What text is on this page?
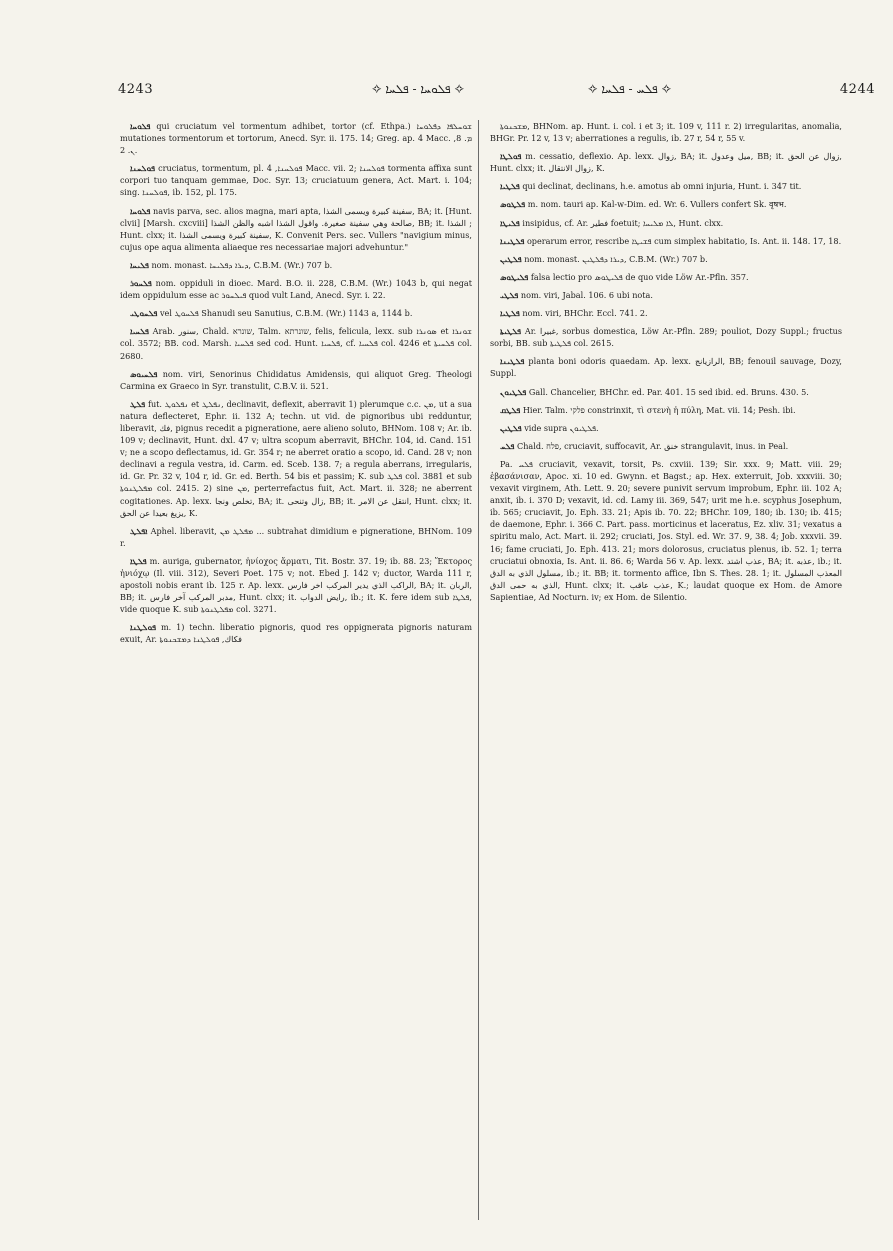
4243	✧ ܦܠܘܚܐ - ܦܠܚܐ ✧	✧ ܦܠܚ - ܦܠܚܐ ✧	4244

ܦܠܘܚܐ qui cruciatum vel tormentum adhibet, tortor (cf. Ethpa.) ܫܘܚܠܦܐ ܕܦܠܘܚܐ mutationes tormentorum et tortorum, Anecd. Syr. ii. 175. 14; Greg. ap. 4 Macc. ܡ. 8, ܢ. 2.

ܦܘܠܚܢܐ cruciatus, tormentum, pl. ܦܘܠܚܢܐ, 4 Macc. vii. 2; ܦܘܠܚܢܐ tormenta affixa sunt corpori tuo tanquam gemmae, Doc. Syr. 13; cruciatuum genera, Act. Mart. i. 104; sing. ܦܘܠܚܢܐ, ib. 152, pl. 175.

ܦܠܘܚܐ navis parva, sec. alios magna, mari apta, سفينة كبيرة ويسمى الشذا, BA; it. [Hunt. clvii] [Marsh. cxcviii] صالحة وهي سفينة صغيرة. واقول الشذا اشبه والظن الشذا, BB; it. الشذا ; Hunt. clxx; it. سفينة كبيرة ويسمى الشذا, K. Convenit Pers. sec. Vullers "navigium minus, cujus ope aqua alimenta aliaeque res necessariae majori advehuntur."

ܦܠܝܚܐ nom. monast. ܕܝܪܐ ܕܦܠܝܚܐ, C.B.M. (Wr.) 707 b.

ܦܠܚܘܪ nom. oppiduli in dioec. Mard. B.O. ii. 228, C.B.M. (Wr.) 1043 b, qui negat idem oppidulum esse ac ܦܝܠܚܘܪ quod vult Land, Anecd. Syr. i. 22.

ܦܠܚܘܛܝ vel ܦܠܚܘܛ Shanudi seu Sanutius, C.B.M. (Wr.) 1143 a, 1144 b.

ܦܠܚܝܐ Arab. سنور, Chald. שונרא, Talm. שונרתא, felis, felicula, lexx. sub ܣܘܢܪܐ et ܫܘܢܪܐ col. 3572; BB. cod. Marsh. ܦܠܚܝܐ sed cod. Hunt. ܦܠܚܝܐ, cf. ܦܠܚܝܐ col. 4246 et ܦܠܚܝܬܐ col. 2680.

ܦܠܚܝܘܣ nom. viri, Senorinus Chididatus Amidensis, qui aliquot Greg. Theologi Carmina ex Graeco in Syr. transtulit, C.B.V. ii. 521.

ܦܠܛ fut. ܢܦܠܘܛ et ܢܦܠܛ, declinavit, deflexit, aberravit 1) plerumque c.c. ܡܢ, ut a sua natura deflecteret, Ephr. ii. 132 A; techn. ut vid. de pignoribus ubi redduntur, liberavit, فك, pignus recedit a pigneratione, aere alieno soluto, BHNom. 108 v; Ar. ib. 109 v; declinavit, Hunt. dxl. 47 v; ultra scopum aberravit, BHChr. 104, id. Cand. 151 v; ne a scopo deflectamus, id. Gr. 354 r; ne aberret oratio a scopo, id. Cand. 28 v; non declinavi a regula vestra, id. Carm. ed. Sceb. 138. 7; a regula aberrans, irregularis, id. Gr. Pr. 32 v, 104 r, id. Gr. ed. Berth. 54 bis et passim; K. sub ܦܠܛ col. 3881 et sub ܡܦܠܛܢܘܬܐ col. 2415. 2) sine ܡܢ, perterrefactus fuit, Act. Mart. ii. 328; ne aberrent cogitationes. Ap. lexx. تخلص ونجا, BA; it. زال وتنحى, BB; it. انتقل عن الامر, Hunt. clxx; it. يزيغ بعيدا عن الحق, K.

ܐܦܠܛ Aphel. liberavit, ܡܦܠܛ ܡܢ ... subtrahat dimidium e pigneratione, BHNom. 109 r.

ܦܠܛܐ m. auriga, gubernator, ἡνίοχος ἄρματι, Tit. Bostr. 37. 19; ib. 88. 23; Ἕκτορος ἡνιόχῳ (Il. viii. 312), Severi Poet. 175 v; not. Ebed J. 142 v; ductor, Warda 111 r, apostoli nobis erant ib. 125 r. Ap. lexx. الراكب الذي يدير المركب اخر فارس, BA; it. الربان, BB; it. مدبر المركب آخر فارس, Hunt. clxx; it. رايض الدواب, ib.; it. K. fere idem sub ܦܠܛܐ, vide quoque K. sub ܡܦܠܛܢܘܬܐ col. 3271.

ܦܘܠܛܢܐ m. 1) techn. liberatio pignoris, quod res oppignerata pignoris naturam exuit, Ar. فكاك, ܦܘܠܛܢܐ ܕܡܫܟܢܘܬܐ

ܡܫܟܢܘܬܐ, BHNom. ap. Hunt. i. col. i et 3; it. 109 v, 111 r. 2) irregularitas, anomalia, BHGr. Pr. 12 v, 13 v; aberrationes a regulis, ib. 27 r, 54 r, 55 v.

ܦܘܠܛܐ m. cessatio, deflexio. Ap. lexx. زوال, BA; it. ميل وعدول, BB; it. زوال عن الحق, Hunt. clxx; it. زوال الانتقال, K.

ܦܠܛܝܐ qui declinat, declinans, h.e. amotus ab omni injuria, Hunt. i. 347 tit.

ܦܠܛܘܣ m. nom. tauri ap. Kal-w-Dim. ed. Wr. 6. Vullers confert Sk. वृषभ.

ܦܠܝܛܐ insipidus, cf. Ar. فطير foetuit; ܠܐ ܡܠܝܚܐ, Hunt. clxx.

ܦܠܛܝܢܐ operarum error, rescribe ܦܫܝܛܐ cum simplex habitatio, Is. Ant. ii. 148. 17, 18.

ܦܠܛܝܢ nom. monast. ܕܝܪܐ ܕܦܠܛܝܢ, C.B.M. (Wr.) 707 b.

ܦܠܝܛܘܣ falsa lectio pro ܦܠܝܛܘܣ de quo vide Löw Ar.-Pfln. 357.

ܦܠܛܝ nom. viri, Jabal. 106. 6 ubi nota.

ܦܠܛܝܐ nom. viri, BHChr. Eccl. 741. 2.

ܦܠܛܝܬܐ Ar. غبيرا, sorbus domestica, Löw Ar.-Pfln. 289; pouliot, Dozy Suppl.; fructus sorbi, BB. sub ܦܠܛܝܬܐ col. 2615.

ܦܠܛܝܢܐ planta boni odoris quaedam. Ap. lexx. الرازيانج, BB; fenouil sauvage, Dozy, Suppl.

ܦܠܛܝܘܢ Gall. Chancelier, BHChr. ed. Par. 401. 15 sed ibid. ed. Bruns. 430. 5.

ܦܠܛܩ Hier. Talm. פלקי constrinxit, τὶ στενὴ ἡ πύλη, Mat. vii. 14; Pesh. ibi.

ܦܠܛܝܢ vide supra ܦܠܛܝܘܢ.

ܦܠܚ Chald. פלח, cruciavit, suffocavit, Ar. خنق strangulavit, inus. in Peal.

Pa. ܦܠܚ cruciavit, vexavit, torsit, Ps. cxviii. 139; Sir. xxx. 9; Matt. viii. 29; ἐβασάνισαν, Apoc. xi. 10 ed. Gwynn. et Bagst.; ap. Hex. exterruit, Job. xxxviii. 30; vexavit virginem, Ath. Lett. 9. 20; severe punivit servum improbum, Ephr. iii. 102 A; anxit, ib. i. 370 D; vexavit, id. cd. Lamy iii. 369, 547; urit me h.e. scyphus Josephum, ib. 565; cruciavit, Jo. Eph. 33. 21; Apis ib. 70. 22; BHChr. 109, 180; ib. 130; ib. 415; de daemone, Ephr. i. 366 C. Part. pass. morticinus et laceratus, Ez. xliv. 31; vexatus a spiritu malo, Act. Mart. ii. 292; cruciati, Jos. Styl. ed. Wr. 37. 9, 38. 4; Job. xxxvii. 39. 16; fame cruciati, Jo. Eph. 413. 21; mors dolorosus, cruciatus plenus, ib. 52. 1; terra cruciatui obnoxia, Is. Ant. ii. 86. 6; Warda 56 v. Ap. lexx. عذب اشتد, BA; it. عذبه, ib.; it. مسلول الذي به الدق, ib.; it. BB; it. tormento affice, Ibn S. Thes. 28. 1; it. المعذب المسلول الذي به حمى الدق, Hunt. clxx; it. عذب عاقب, K.; laudat quoque ex Hom. de Amore Sapientiae, Ad Nocturn. iv; ex Hom. de Silentio.
